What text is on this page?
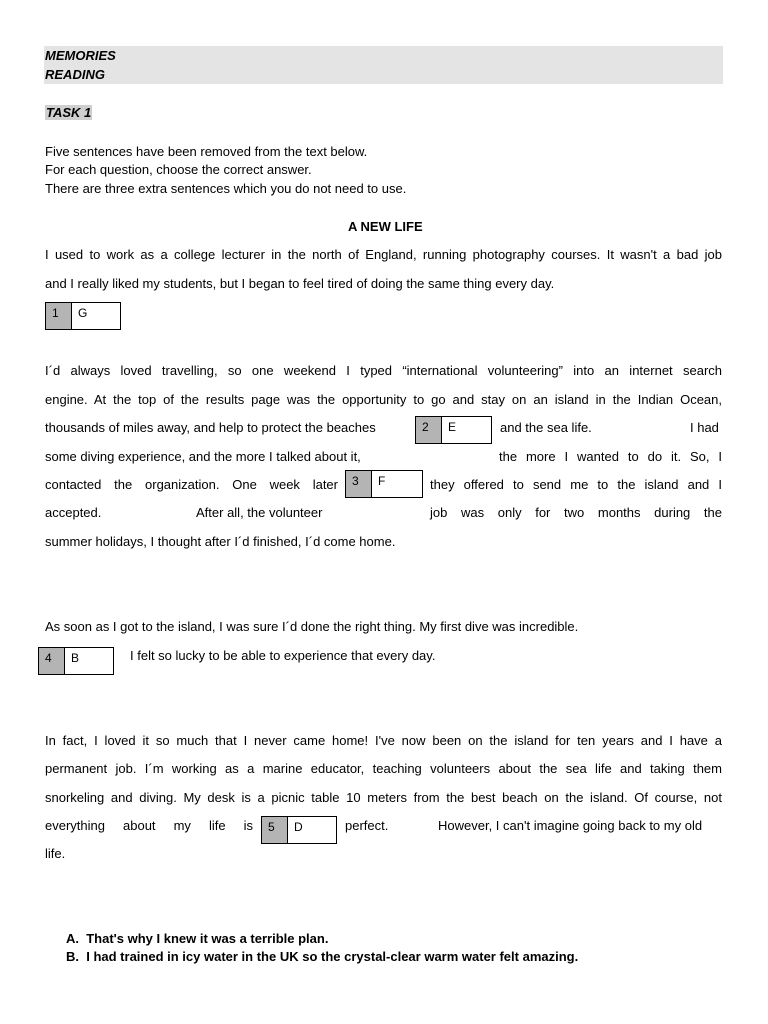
MEMORIES
READING
TASK 1
Five sentences have been removed from the text below.
For each question, choose the correct answer.
There are three extra sentences which you do not need to use.
A NEW LIFE
I used to work as a college lecturer in the north of England, running photography courses. It wasn't a bad job
and I really liked my students, but I began to feel tired of doing the same thing every day.
1	G
I´d always loved travelling, so one weekend I typed “international volunteering” into an internet search
engine. At the top of the results page was the opportunity to go and stay on an island in the Indian Ocean,
thousands of miles away, and help to protect the beaches	2	E	and the sea life.	I had
some diving experience, and the more I talked about it,	the more I wanted to do it. So, I
contacted the organization. One week later	3	F	they offered to send me to the island and I
accepted.	After all, the volunteer	job was only for two months during the
summer holidays, I thought after I´d finished, I´d come home.
As soon as I got to the island, I was sure I´d done the right thing. My first dive was incredible.
4	B	I felt so lucky to be able to experience that every day.
In fact, I loved it so much that I never came home! I've now been on the island for ten years and I have a
permanent job. I´m working as a marine educator, teaching volunteers about the sea life and taking them
snorkeling and diving. My desk is a picnic table 10 meters from the best beach on the island. Of course, not
everything about my life is	5	D	perfect.	However, I can't imagine going back to my old
life.
A. That's why I knew it was a terrible plan.
B. I had trained in icy water in the UK so the crystal-clear warm water felt amazing.
